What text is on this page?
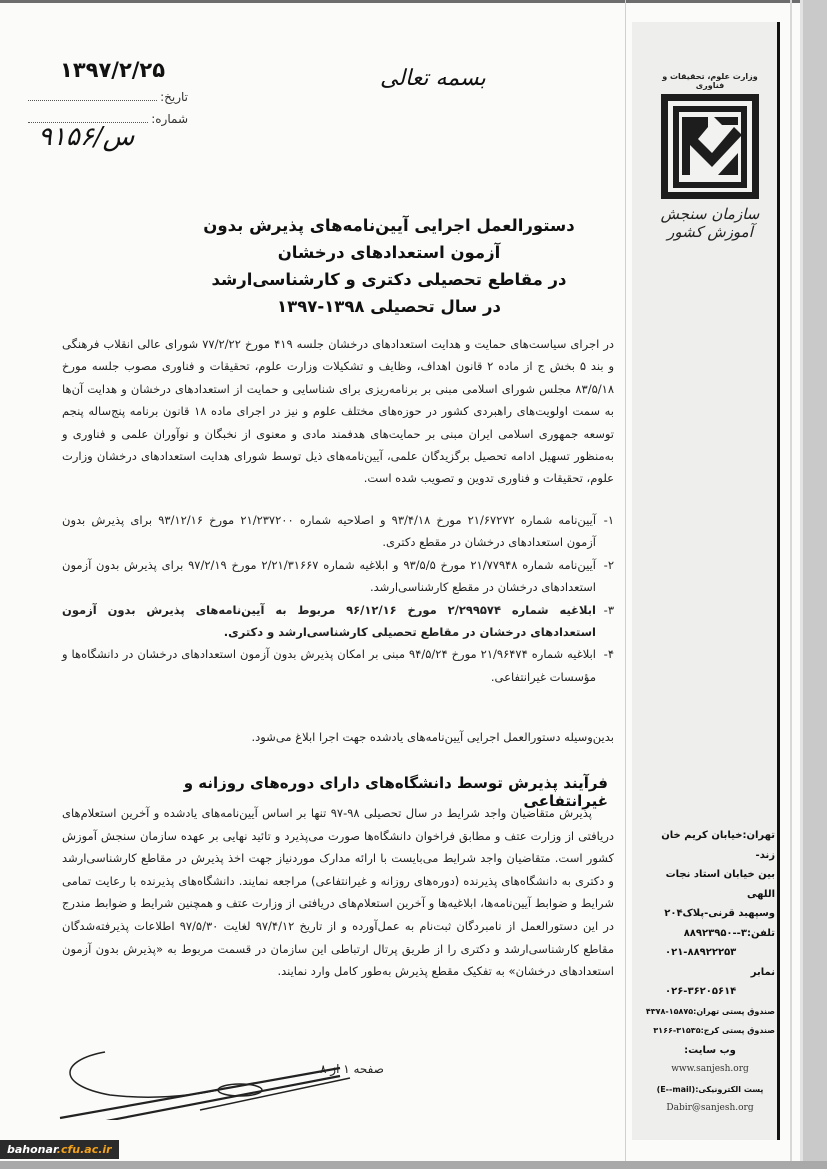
۱۳۹۷/۲/۲۵
تاریخ:
شماره:
۹۱۵۶/س
بسمه تعالی	وزارت علوم، تحقیقات و فناوری
سازمان سنجش آموزش کشور
دستورالعمل اجرایی آیین‌نامه‌های پذیرش بدون آزمون استعدادهای درخشان
در مقاطع تحصیلی دکتری و کارشناسی‌ارشد
در سال تحصیلی ۱۳۹۸-۱۳۹۷
در اجرای سیاست‌های حمایت و هدایت استعدادهای درخشان جلسه ۴۱۹ مورخ ۷۷/۲/۲۲ شورای عالی انقلاب فرهنگی و بند ۵ بخش ج از ماده ۲ قانون اهداف، وظایف و تشکیلات وزارت علوم، تحقیقات و فناوری مصوب جلسه مورخ ۸۳/۵/۱۸ مجلس شورای اسلامی مبنی بر برنامه‌ریزی برای شناسایی و حمایت از استعدادهای درخشان و هدایت آن‌ها به سمت اولویت‌های راهبردی کشور در حوزه‌های مختلف علوم و نیز در اجرای ماده ۱۸ قانون برنامه پنج‌ساله پنجم توسعه جمهوری اسلامی ایران مبنی بر حمایت‌های هدفمند مادی و معنوی از نخبگان و نوآوران علمی و فناوری و به‌منظور تسهیل ادامه تحصیل برگزیدگان علمی، آیین‌نامه‌های ذیل توسط شورای هدایت استعدادهای درخشان وزارت علوم، تحقیقات و فناوری تدوین و تصویب شده است.
۱-
آیین‌نامه شماره ۲۱/۶۷۲۷۲ مورخ ۹۳/۴/۱۸ و اصلاحیه شماره ۲۱/۲۳۷۲۰۰ مورخ ۹۳/۱۲/۱۶ برای پذیرش بدون آزمون استعدادهای درخشان در مقطع دکتری.
۲-
آیین‌نامه شماره ۲۱/۷۷۹۴۸ مورخ ۹۳/۵/۵ و ابلاغیه شماره ۲/۲۱/۳۱۶۶۷ مورخ ۹۷/۲/۱۹ برای پذیرش بدون آزمون استعدادهای درخشان در مقطع کارشناسی‌ارشد.
۳-
ابلاغیه شماره ۲/۲۹۹۵۷۴ مورخ ۹۶/۱۲/۱۶ مربوط به آیین‌نامه‌های پذیرش بدون آزمون استعدادهای درخشان در مقاطع تحصیلی کارشناسی‌ارشد و دکتری.
۴-
ابلاغیه شماره ۲۱/۹۶۴۷۴ مورخ ۹۴/۵/۲۴ مبنی بر امکان پذیرش بدون آزمون استعدادهای درخشان در دانشگاه‌ها و مؤسسات غیرانتفاعی.
بدین‌وسیله دستورالعمل اجرایی آیین‌نامه‌های یادشده جهت اجرا ابلاغ می‌شود.
فرآیند پذیرش توسط دانشگاه‌های دارای دوره‌های روزانه و غیرانتفاعی
پذیرش متقاضیان واجد شرایط در سال تحصیلی ۹۸-۹۷ تنها بر اساس آیین‌نامه‌های یادشده و آخرین استعلام‌های دریافتی از وزارت عتف و مطابق فراخوان دانشگاه‌ها صورت می‌پذیرد و تائید نهایی بر عهده سازمان سنجش آموزش کشور است. متقاضیان واجد شرایط می‌بایست با ارائه مدارک موردنیاز جهت اخذ پذیرش در مقاطع کارشناسی‌ارشد و دکتری به دانشگاه‌های پذیرنده (دوره‌های روزانه و غیرانتفاعی) مراجعه نمایند. دانشگاه‌های پذیرنده با رعایت تمامی شرایط و ضوابط آیین‌نامه‌ها، ابلاغیه‌ها و آخرین استعلام‌های دریافتی از وزارت عتف و همچنین شرایط و ضوابط مندرج در این دستورالعمل از نامبردگان ثبت‌نام به عمل‌آورده و از تاریخ ۹۷/۴/۱۲ لغایت ۹۷/۵/۳۰ اطلاعات پذیرفته‌شدگان مقاطع کارشناسی‌ارشد و دکتری را از طریق پرتال ارتباطی این سازمان در قسمت مربوط به «پذیرش بدون آزمون استعدادهای درخشان» به تفکیک مقطع پذیرش به‌طور کامل وارد نمایند.
تهران:خیابان کریم خان زند-
بین خیابان استاد نجات اللهی
وسپهبد قرنی-پلاک۲۰۴
تلفن:۳--۸۸۹۲۳۹۵۰
۰۲۱-۸۸۹۲۲۲۵۳
نمابر
۰۲۶-۳۶۲۰۵۶۱۴
صندوق پستی تهران:۱۵۸۷۵-۴۳۷۸
صندوق پستی کرج:۳۱۵۳۵-۳۱۶۶
وب سایت:
www.sanjesh.org
پست الکترونیکی:(E--mail)
Dabir@sanjesh.org
صفحه ۱ از ۸
bahonar.cfu.ac.ir
